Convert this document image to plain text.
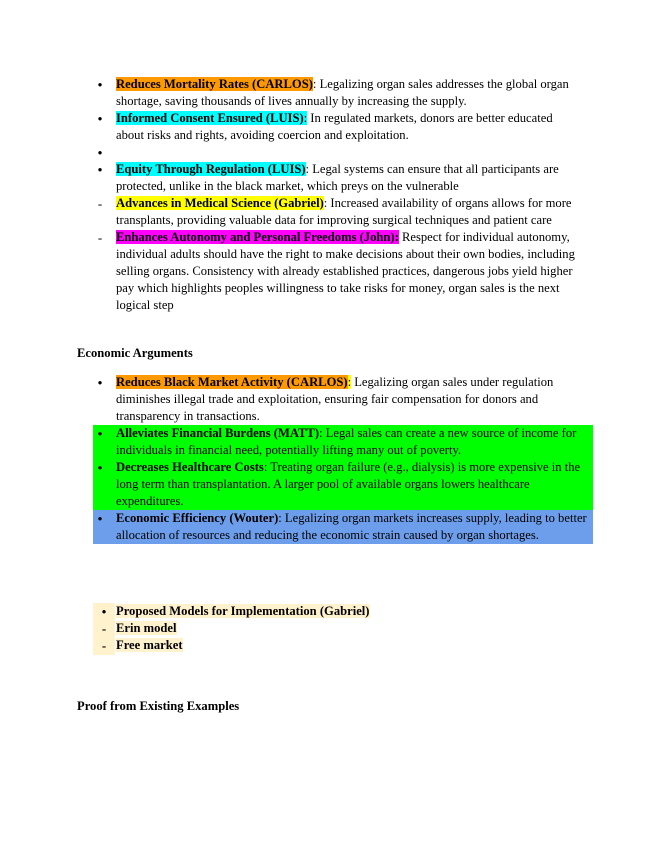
●
Reduces Mortality Rates (CARLOS): Legalizing organ sales addresses the global organ shortage, saving thousands of lives annually by increasing the supply.
●
Informed Consent Ensured (LUIS): In regulated markets, donors are better educated about risks and rights, avoiding coercion and exploitation.
●
●
Equity Through Regulation (LUIS): Legal systems can ensure that all participants are protected, unlike in the black market, which preys on the vulnerable
-
Advances in Medical Science (Gabriel): Increased availability of organs allows for more transplants, providing valuable data for improving surgical techniques and patient care
-
Enhances Autonomy and Personal Freedoms (John): Respect for individual autonomy, individual adults should have the right to make decisions about their own bodies, including selling organs. Consistency with already established practices, dangerous jobs yield higher pay which highlights peoples willingness to take risks for money, organ sales is the next logical step
Economic Arguments
●
Reduces Black Market Activity (CARLOS): Legalizing organ sales under regulation diminishes illegal trade and exploitation, ensuring fair compensation for donors and transparency in transactions.
●
Alleviates Financial Burdens (MATT): Legal sales can create a new source of income for individuals in financial need, potentially lifting many out of poverty.
●
Decreases Healthcare Costs: Treating organ failure (e.g., dialysis) is more expensive in the long term than transplantation. A larger pool of available organs lowers healthcare expenditures.
●
Economic Efficiency (Wouter): Legalizing organ markets increases supply, leading to better allocation of resources and reducing the economic strain caused by organ shortages.
●
Proposed Models for Implementation (Gabriel)
-
Erin model
-
Free market
Proof from Existing Examples
